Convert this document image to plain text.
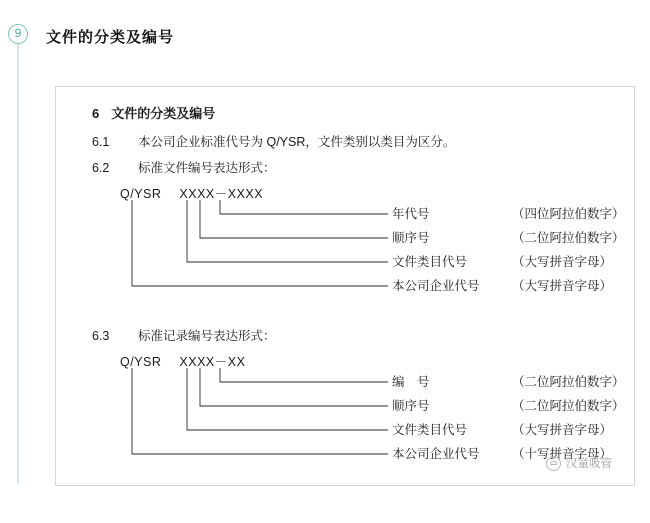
9	文件的分类及编号

6 文件的分类及编号

6.1 本公司企业标准代号为 Q/YSR，文件类别以类目为区分。

6.2 标准文件编号表达形式：

Q/YSR XXXX－XXXX
年代号	（四位阿拉伯数字）
顺序号	（二位阿拉伯数字）
文件类目代号	（大写拼音字母）
本公司企业代号	（大写拼音字母）

6.3 标准记录编号表达形式：

Q/YSR XXXX－XX
编　号	（二位阿拉伯数字）
顺序号	（二位阿拉伯数字）
文件类目代号	（大写拼音字母）
本公司企业代号	（十写拼音字母）
汉童吸管
